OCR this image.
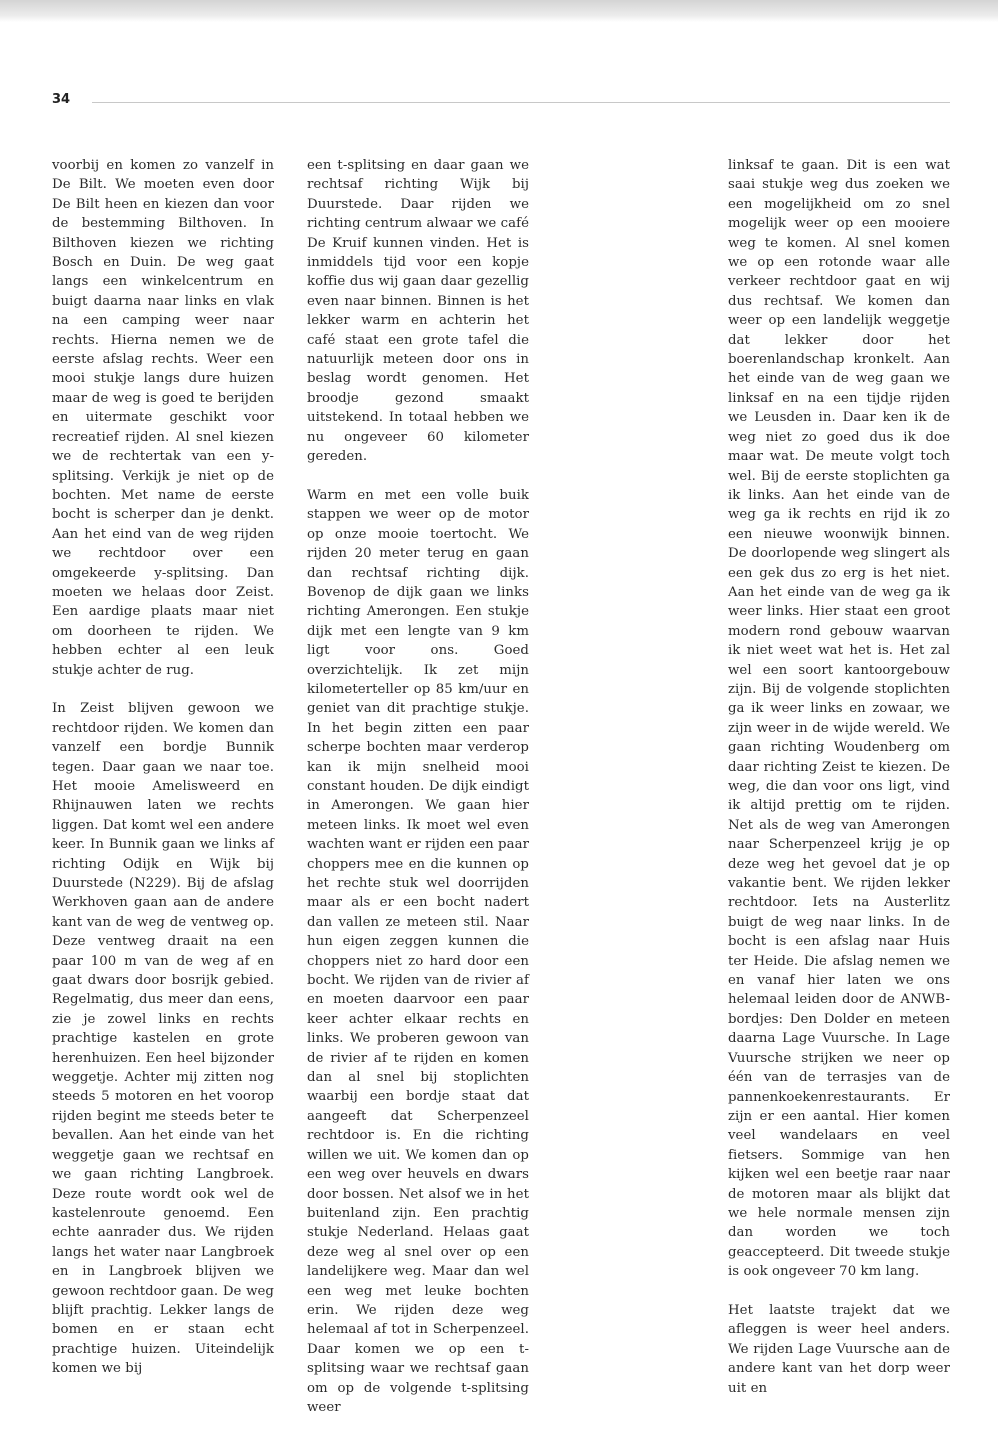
34

voorbij en komen zo vanzelf in De Bilt. We moeten even door De Bilt heen en kiezen dan voor de bestemming Bilthoven. In Bilthoven kiezen we richting Bosch en Duin. De weg gaat langs een winkelcentrum en buigt daarna naar links en vlak na een camping weer naar rechts. Hierna nemen we de eerste afslag rechts. Weer een mooi stukje langs dure huizen maar de weg is goed te berijden en uitermate geschikt voor recreatief rijden. Al snel kiezen we de rechtertak van een y-splitsing. Verkijk je niet op de bochten. Met name de eerste bocht is scherper dan je denkt. Aan het eind van de weg rijden we rechtdoor over een omgekeerde y-splitsing. Dan moeten we helaas door Zeist. Een aardige plaats maar niet om doorheen te rijden. We hebben echter al een leuk stukje achter de rug.

In Zeist blijven gewoon we rechtdoor rijden. We komen dan vanzelf een bordje Bunnik tegen. Daar gaan we naar toe. Het mooie Amelisweerd en Rhijnauwen laten we rechts liggen. Dat komt wel een andere keer. In Bunnik gaan we links af richting Odijk en Wijk bij Duurstede (N229). Bij de afslag Werkhoven gaan aan de andere kant van de weg de ventweg op. Deze ventweg draait na een paar 100 m van de weg af en gaat dwars door bosrijk gebied. Regelmatig, dus meer dan eens, zie je zowel links en rechts prachtige kastelen en grote herenhuizen. Een heel bijzonder weggetje. Achter mij zitten nog steeds 5 motoren en het voorop rijden begint me steeds beter te bevallen. Aan het einde van het weggetje gaan we rechtsaf en we gaan richting Langbroek. Deze route wordt ook wel de kastelenroute genoemd. Een echte aanrader dus. We rijden langs het water naar Langbroek en in Langbroek blijven we gewoon rechtdoor gaan. De weg blijft prachtig. Lekker langs de bomen en er staan echt prachtige huizen. Uiteindelijk komen we bij

een t-splitsing en daar gaan we rechtsaf richting Wijk bij Duurstede. Daar rijden we richting centrum alwaar we café De Kruif kunnen vinden. Het is inmiddels tijd voor een kopje koffie dus wij gaan daar gezellig even naar binnen. Binnen is het lekker warm en achterin het café staat een grote tafel die natuurlijk meteen door ons in beslag wordt genomen. Het broodje gezond smaakt uitstekend. In totaal hebben we nu ongeveer 60 kilometer gereden.

Warm en met een volle buik stappen we weer op de motor op onze mooie toertocht. We rijden 20 meter terug en gaan dan rechtsaf richting dijk. Bovenop de dijk gaan we links richting Amerongen. Een stukje dijk met een lengte van 9 km ligt voor ons. Goed overzichtelijk. Ik zet mijn kilometerteller op 85 km/uur en geniet van dit prachtige stukje. In het begin zitten een paar scherpe bochten maar verderop kan ik mijn snelheid mooi constant houden. De dijk eindigt in Amerongen. We gaan hier meteen links. Ik moet wel even wachten want er rijden een paar choppers mee en die kunnen op het rechte stuk wel doorrijden maar als er een bocht nadert dan vallen ze meteen stil. Naar hun eigen zeggen kunnen die choppers niet zo hard door een bocht. We rijden van de rivier af en moeten daarvoor een paar keer achter elkaar rechts en links. We proberen gewoon van de rivier af te rijden en komen dan al snel bij stoplichten waarbij een bordje staat dat aangeeft dat Scherpenzeel rechtdoor is. En die richting willen we uit. We komen dan op een weg over heuvels en dwars door bossen. Net alsof we in het buitenland zijn. Een prachtig stukje Nederland. Helaas gaat deze weg al snel over op een landelijkere weg. Maar dan wel een weg met leuke bochten erin. We rijden deze weg helemaal af tot in Scherpenzeel. Daar komen we op een t-splitsing waar we rechtsaf gaan om op de volgende t-splitsing weer

linksaf te gaan. Dit is een wat saai stukje weg dus zoeken we een mogelijkheid om zo snel mogelijk weer op een mooiere weg te komen. Al snel komen we op een rotonde waar alle verkeer rechtdoor gaat en wij dus rechtsaf. We komen dan weer op een landelijk weggetje dat lekker door het boerenlandschap kronkelt. Aan het einde van de weg gaan we linksaf en na een tijdje rijden we Leusden in. Daar ken ik de weg niet zo goed dus ik doe maar wat. De meute volgt toch wel. Bij de eerste stoplichten ga ik links. Aan het einde van de weg ga ik rechts en rijd ik zo een nieuwe woonwijk binnen. De doorlopende weg slingert als een gek dus zo erg is het niet. Aan het einde van de weg ga ik weer links. Hier staat een groot modern rond gebouw waarvan ik niet weet wat het is. Het zal wel een soort kantoorgebouw zijn. Bij de volgende stoplichten ga ik weer links en zowaar, we zijn weer in de wijde wereld. We gaan richting Woudenberg om daar richting Zeist te kiezen. De weg, die dan voor ons ligt, vind ik altijd prettig om te rijden. Net als de weg van Amerongen naar Scherpenzeel krijg je op deze weg het gevoel dat je op vakantie bent. We rijden lekker rechtdoor. Iets na Austerlitz buigt de weg naar links. In de bocht is een afslag naar Huis ter Heide. Die afslag nemen we en vanaf hier laten we ons helemaal leiden door de ANWB-bordjes: Den Dolder en meteen daarna Lage Vuursche. In Lage Vuursche strijken we neer op één van de terrasjes van de pannenkoekenrestaurants. Er zijn er een aantal. Hier komen veel wandelaars en veel fietsers. Sommige van hen kijken wel een beetje raar naar de motoren maar als blijkt dat we hele normale mensen zijn dan worden we toch geaccepteerd. Dit tweede stukje is ook ongeveer 70 km lang.

Het laatste trajekt dat we afleggen is weer heel anders. We rijden Lage Vuursche aan de andere kant van het dorp weer uit en
